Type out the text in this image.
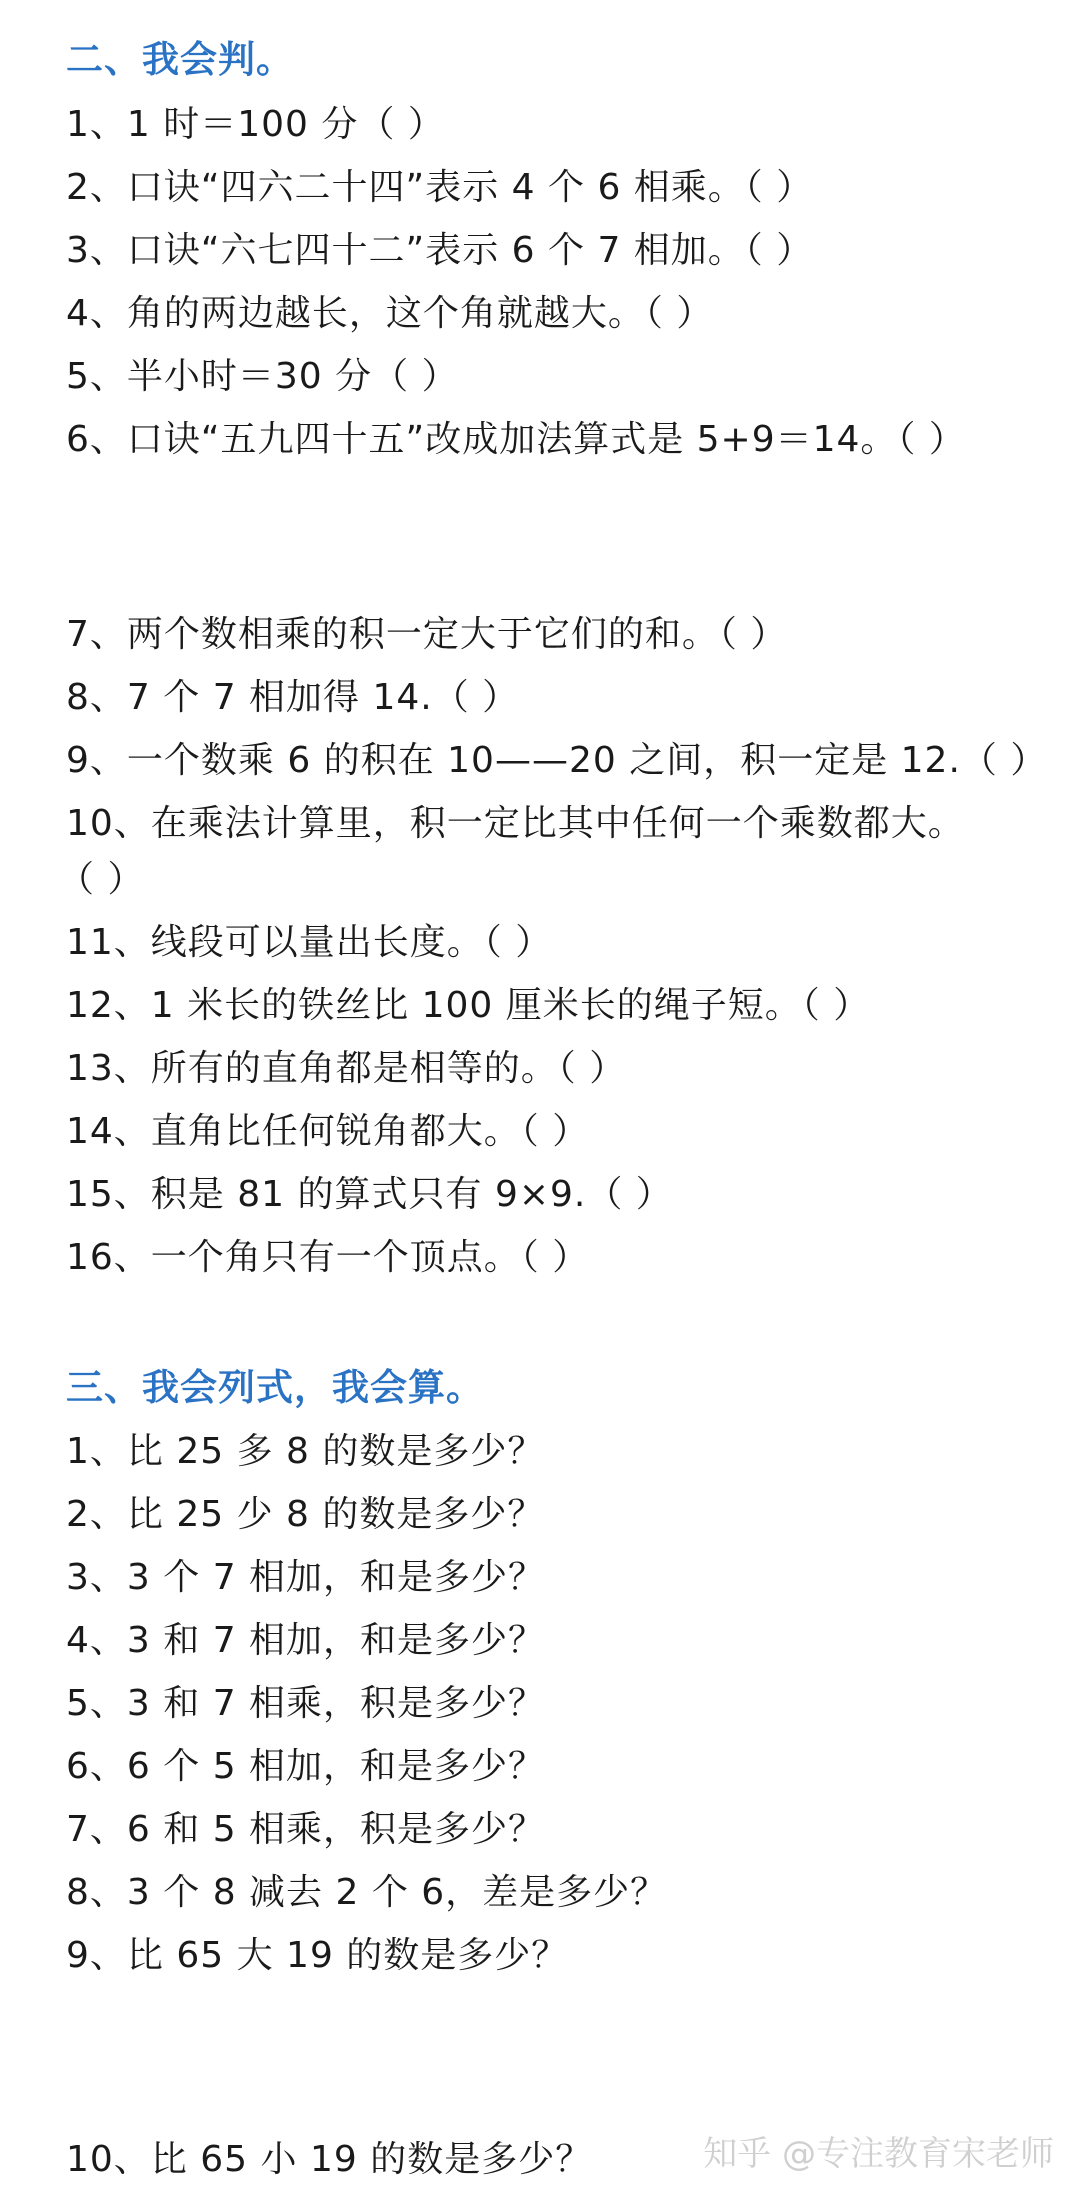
二、我会判。
1、1 时＝100 分（ ）
2、口诀“四六二十四”表示 4 个 6 相乘。（ ）
3、口诀“六七四十二”表示 6 个 7 相加。（ ）
4、角的两边越长，这个角就越大。（ ）
5、半小时＝30 分（ ）
6、口诀“五九四十五”改成加法算式是 5+9＝14。（ ）
7、两个数相乘的积一定大于它们的和。（ ）
8、7 个 7 相加得 14.（ ）
9、一个数乘 6 的积在 10——20 之间，积一定是 12.（ ）
10、在乘法计算里，积一定比其中任何一个乘数都大。
（ ）
11、线段可以量出长度。（ ）
12、1 米长的铁丝比 100 厘米长的绳子短。（ ）
13、所有的直角都是相等的。（ ）
14、直角比任何锐角都大。（ ）
15、积是 81 的算式只有 9×9.（ ）
16、一个角只有一个顶点。（ ）
三、我会列式，我会算。
1、比 25 多 8 的数是多少？
2、比 25 少 8 的数是多少？
3、3 个 7 相加，和是多少？
4、3 和 7 相加，和是多少？
5、3 和 7 相乘，积是多少？
6、6 个 5 相加，和是多少？
7、6 和 5 相乘，积是多少？
8、3 个 8 减去 2 个 6，差是多少？
9、比 65 大 19 的数是多少？
10、比 65 小 19 的数是多少？	知乎 @专注教育宋老师
